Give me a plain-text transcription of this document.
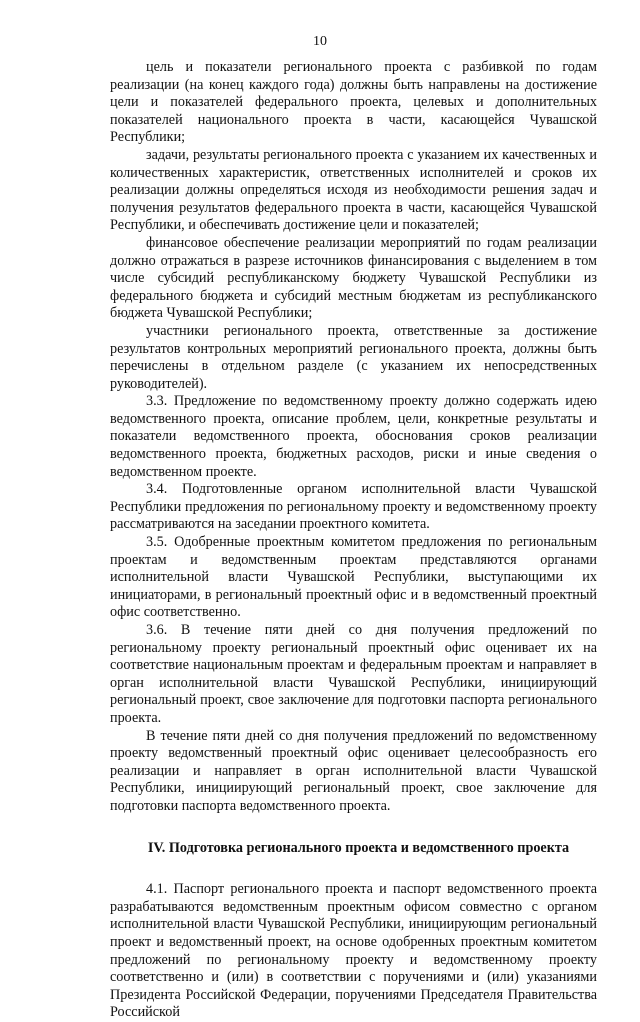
10

цель и показатели регионального проекта с разбивкой по годам реализации (на конец каждого года) должны быть направлены на достижение цели и показателей федерального проекта, целевых и дополнительных показателей национального проекта в части, касающейся Чувашской Республики;

задачи, результаты регионального проекта с указанием их качественных и количественных характеристик, ответственных исполнителей и сроков их реализации должны определяться исходя из необходимости решения задач и получения результатов федерального проекта в части, касающейся Чувашской Республики, и обеспечивать достижение цели и показателей;

финансовое обеспечение реализации мероприятий по годам реализации должно отражаться в разрезе источников финансирования с выделением в том числе субсидий республиканскому бюджету Чувашской Республики из федерального бюджета и субсидий местным бюджетам из республиканского бюджета Чувашской Республики;

участники регионального проекта, ответственные за достижение результатов контрольных мероприятий регионального проекта, должны быть перечислены в отдельном разделе (с указанием их непосредственных руководителей).

3.3. Предложение по ведомственному проекту должно содержать идею ведомственного проекта, описание проблем, цели, конкретные результаты и показатели ведомственного проекта, обоснования сроков реализации ведомственного проекта, бюджетных расходов, риски и иные сведения о ведомственном проекте.

3.4. Подготовленные органом исполнительной власти Чувашской Республики предложения по региональному проекту и ведомственному проекту рассматриваются на заседании проектного комитета.

3.5. Одобренные проектным комитетом предложения по региональным проектам и ведомственным проектам представляются органами исполнительной власти Чувашской Республики, выступающими их инициаторами, в региональный проектный офис и в ведомственный проектный офис соответственно.

3.6. В течение пяти дней со дня получения предложений по региональному проекту региональный проектный офис оценивает их на соответствие национальным проектам и федеральным проектам и направляет в орган исполнительной власти Чувашской Республики, инициирующий региональный проект, свое заключение для подготовки паспорта регионального проекта.

В течение пяти дней со дня получения предложений по ведомственному проекту ведомственный проектный офис оценивает целесообразность его реализации и направляет в орган исполнительной власти Чувашской Республики, инициирующий региональный проект, свое заключение для подготовки паспорта ведомственного проекта.

IV. Подготовка регионального проекта и ведомственного проекта

4.1. Паспорт регионального проекта и паспорт ведомственного проекта разрабатываются ведомственным проектным офисом совместно с органом исполнительной власти Чувашской Республики, инициирующим региональный проект и ведомственный проект, на основе одобренных проектным комитетом предложений по региональному проекту и ведомственному проекту соответственно и (или) в соответствии с поручениями и (или) указаниями Президента Российской Федерации, поручениями Председателя Правительства Российской
